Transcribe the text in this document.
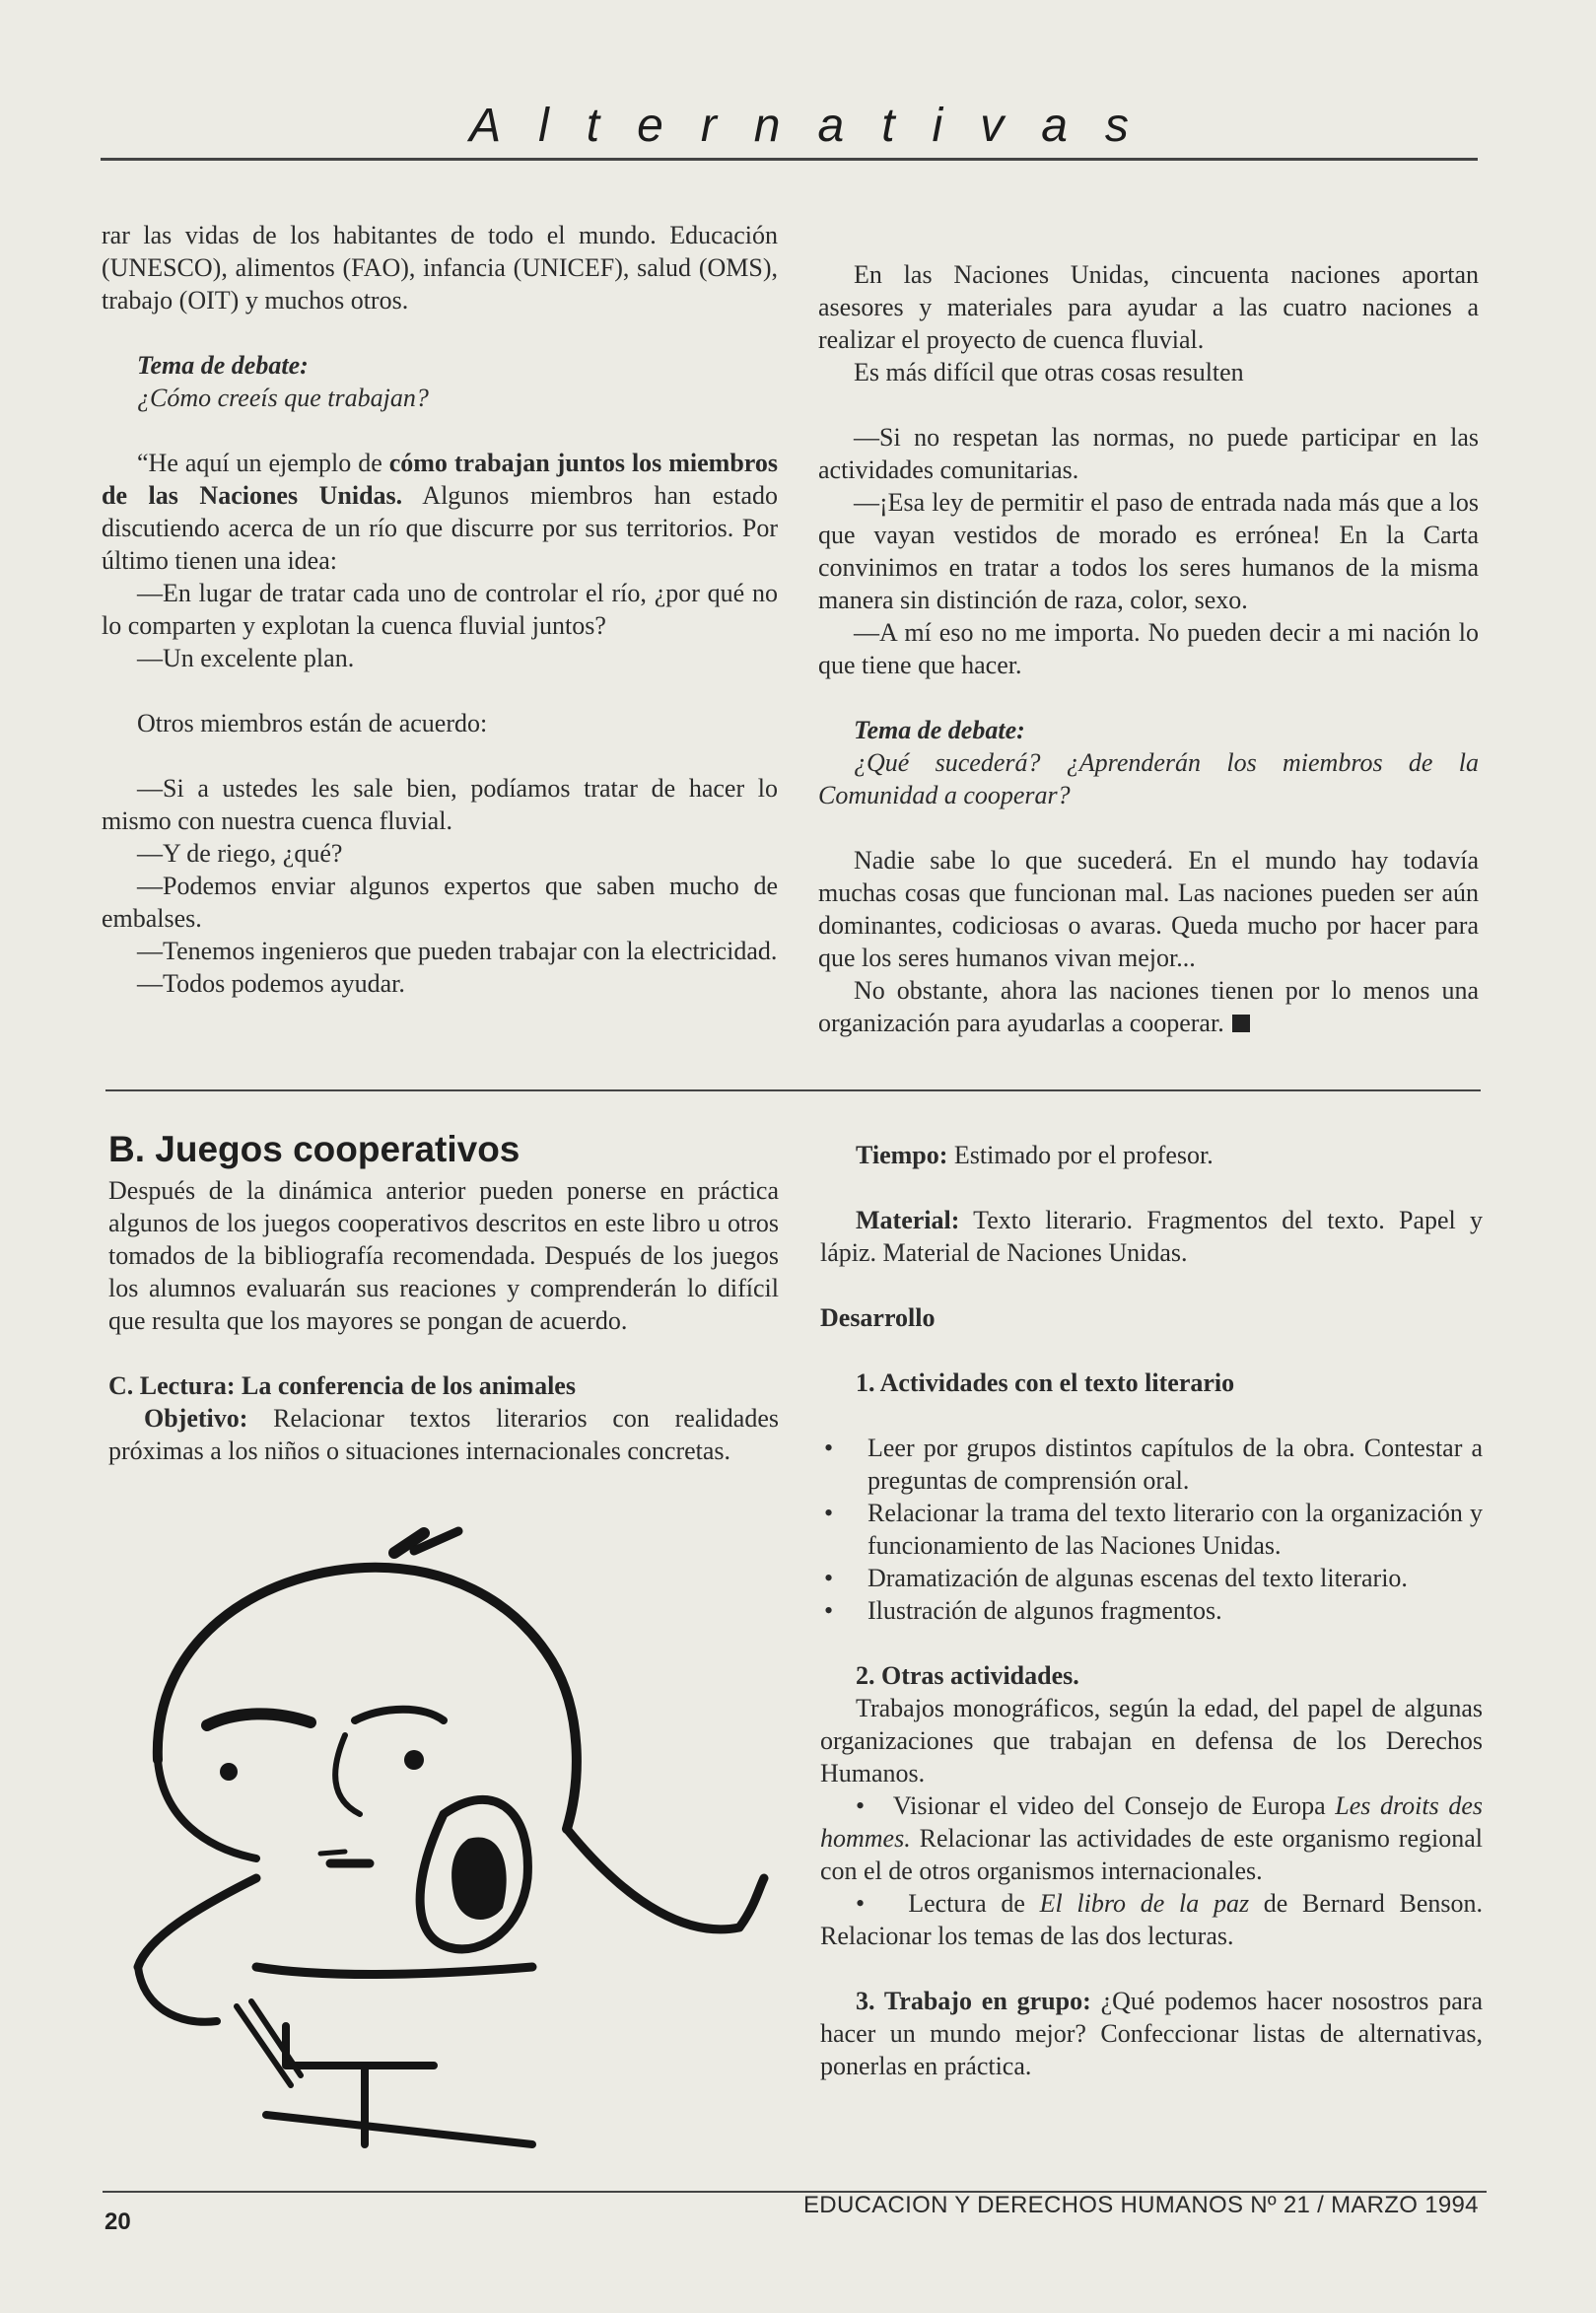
Alternativas

rar las vidas de los habitantes de todo el mundo. Educación (UNESCO), alimentos (FAO), infancia (UNICEF), salud (OMS), trabajo (OIT) y muchos otros.

Tema de debate:

¿Cómo creeís que trabajan?

“He aquí un ejemplo de cómo trabajan juntos los miembros de las Naciones Unidas. Algunos miembros han estado discutiendo acerca de un río que discurre por sus territorios. Por último tienen una idea:

—En lugar de tratar cada uno de controlar el río, ¿por qué no lo comparten y explotan la cuenca fluvial juntos?

—Un excelente plan.

Otros miembros están de acuerdo:

—Si a ustedes les sale bien, podíamos tratar de hacer lo mismo con nuestra cuenca fluvial.

—Y de riego, ¿qué?

—Podemos enviar algunos expertos que saben mucho de embalses.

—Tenemos ingenieros que pueden trabajar con la electricidad.

—Todos podemos ayudar.

En las Naciones Unidas, cincuenta naciones aportan asesores y materiales para ayudar a las cuatro naciones a realizar el proyecto de cuenca fluvial.

Es más difícil que otras cosas resulten

—Si no respetan las normas, no puede participar en las actividades comunitarias.

—¡Esa ley de permitir el paso de entrada nada más que a los que vayan vestidos de morado es errónea! En la Carta convinimos en tratar a todos los seres humanos de la misma manera sin distinción de raza, color, sexo.

—A mí eso no me importa. No pueden decir a mi nación lo que tiene que hacer.

Tema de debate:

¿Qué sucederá? ¿Aprenderán los miembros de la Comunidad a cooperar?

Nadie sabe lo que sucederá. En el mundo hay todavía muchas cosas que funcionan mal. Las naciones pueden ser aún dominantes, codiciosas o avaras. Queda mucho por hacer para que los seres humanos vivan mejor...

No obstante, ahora las naciones tienen por lo menos una organización para ayudarlas a cooperar.

B. Juegos cooperativos

Después de la dinámica anterior pueden ponerse en práctica algunos de los juegos cooperativos descritos en este libro u otros tomados de la bibliografía recomendada. Después de los juegos los alumnos evaluarán sus reaciones y comprenderán lo difícil que resulta que los mayores se pongan de acuerdo.

C. Lectura: La conferencia de los animales

Objetivo: Relacionar textos literarios con realidades próximas a los niños o situaciones internacionales concretas.

Tiempo: Estimado por el profesor.

Material: Texto literario. Fragmentos del texto. Papel y lápiz. Material de Naciones Unidas.

Desarrollo

1. Actividades con el texto literario

• Leer por grupos distintos capítulos de la obra. Contestar a preguntas de comprensión oral.
• Relacionar la trama del texto literario con la organización y funcionamiento de las Naciones Unidas.
• Dramatización de algunas escenas del texto literario.
• Ilustración de algunos fragmentos.

2. Otras actividades.

Trabajos monográficos, según la edad, del papel de algunas organizaciones que trabajan en defensa de los Derechos Humanos.

•   Visionar el video del Consejo de Europa Les droits des hommes. Relacionar las actividades de este organismo regional con el de otros organismos internacionales.

•   Lectura de El libro de la paz de Bernard Benson. Relacionar los temas de las dos lecturas.

3. Trabajo en grupo: ¿Qué podemos hacer nosostros para hacer un mundo mejor? Confeccionar listas de alternativas, ponerlas en práctica.

EDUCACION Y DERECHOS HUMANOS Nº 21 / MARZO 1994
20
